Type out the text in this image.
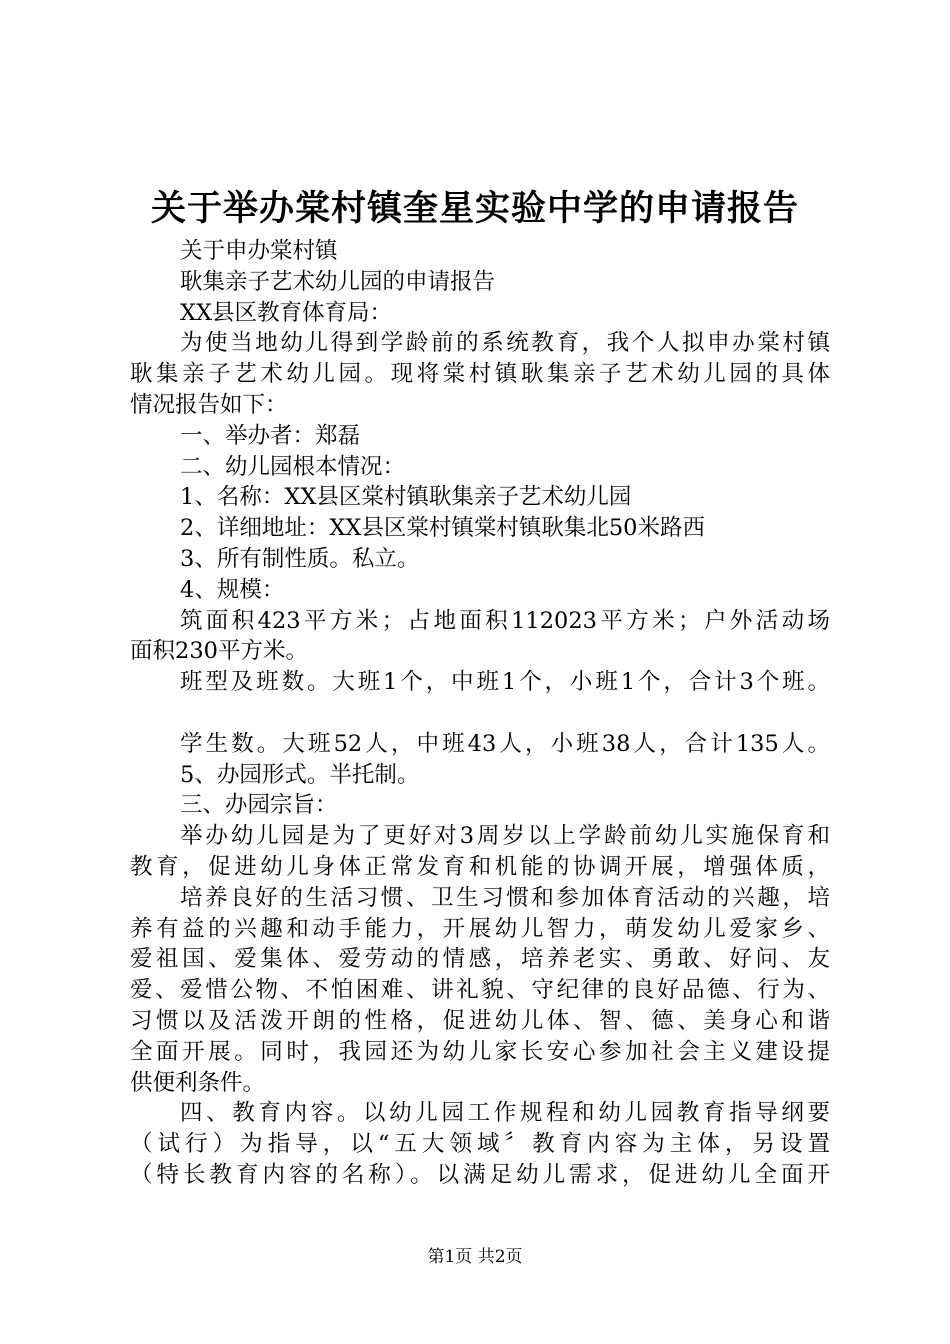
关于举办棠村镇奎星实验中学的申请报告
关于申办棠村镇
耿集亲子艺术幼儿园的申请报告
XX县区教育体育局：
为使当地幼儿得到学龄前的系统教育，我个人拟申办棠村镇
耿集亲子艺术幼儿园。现将棠村镇耿集亲子艺术幼儿园的具体
情况报告如下：
一、举办者：郑磊
二、幼儿园根本情况：
1、名称：XX县区棠村镇耿集亲子艺术幼儿园
2、详细地址：XX县区棠村镇棠村镇耿集北50米路西
3、所有制性质。私立。
4、规模：
筑面积423平方米；占地面积112023平方米；户外活动场
面积230平方米。
班型及班数。大班1个，中班1个，小班1个，合计3个班。
学生数。大班52人，中班43人，小班38人，合计135人。
5、办园形式。半托制。
三、办园宗旨：
举办幼儿园是为了更好对3周岁以上学龄前幼儿实施保育和
教育，促进幼儿身体正常发育和机能的协调开展，增强体质，
培养良好的生活习惯、卫生习惯和参加体育活动的兴趣，培
养有益的兴趣和动手能力，开展幼儿智力，萌发幼儿爱家乡、
爱祖国、爱集体、爱劳动的情感，培养老实、勇敢、好问、友
爱、爱惜公物、不怕困难、讲礼貌、守纪律的良好品德、行为、
习惯以及活泼开朗的性格，促进幼儿体、智、德、美身心和谐
全面开展。同时，我园还为幼儿家长安心参加社会主义建设提
供便利条件。
四、教育内容。以幼儿园工作规程和幼儿园教育指导纲要
（试行）为指导，以“五大领域〞教育内容为主体，另设置
（特长教育内容的名称）。以满足幼儿需求，促进幼儿全面开
第1页 共2页
